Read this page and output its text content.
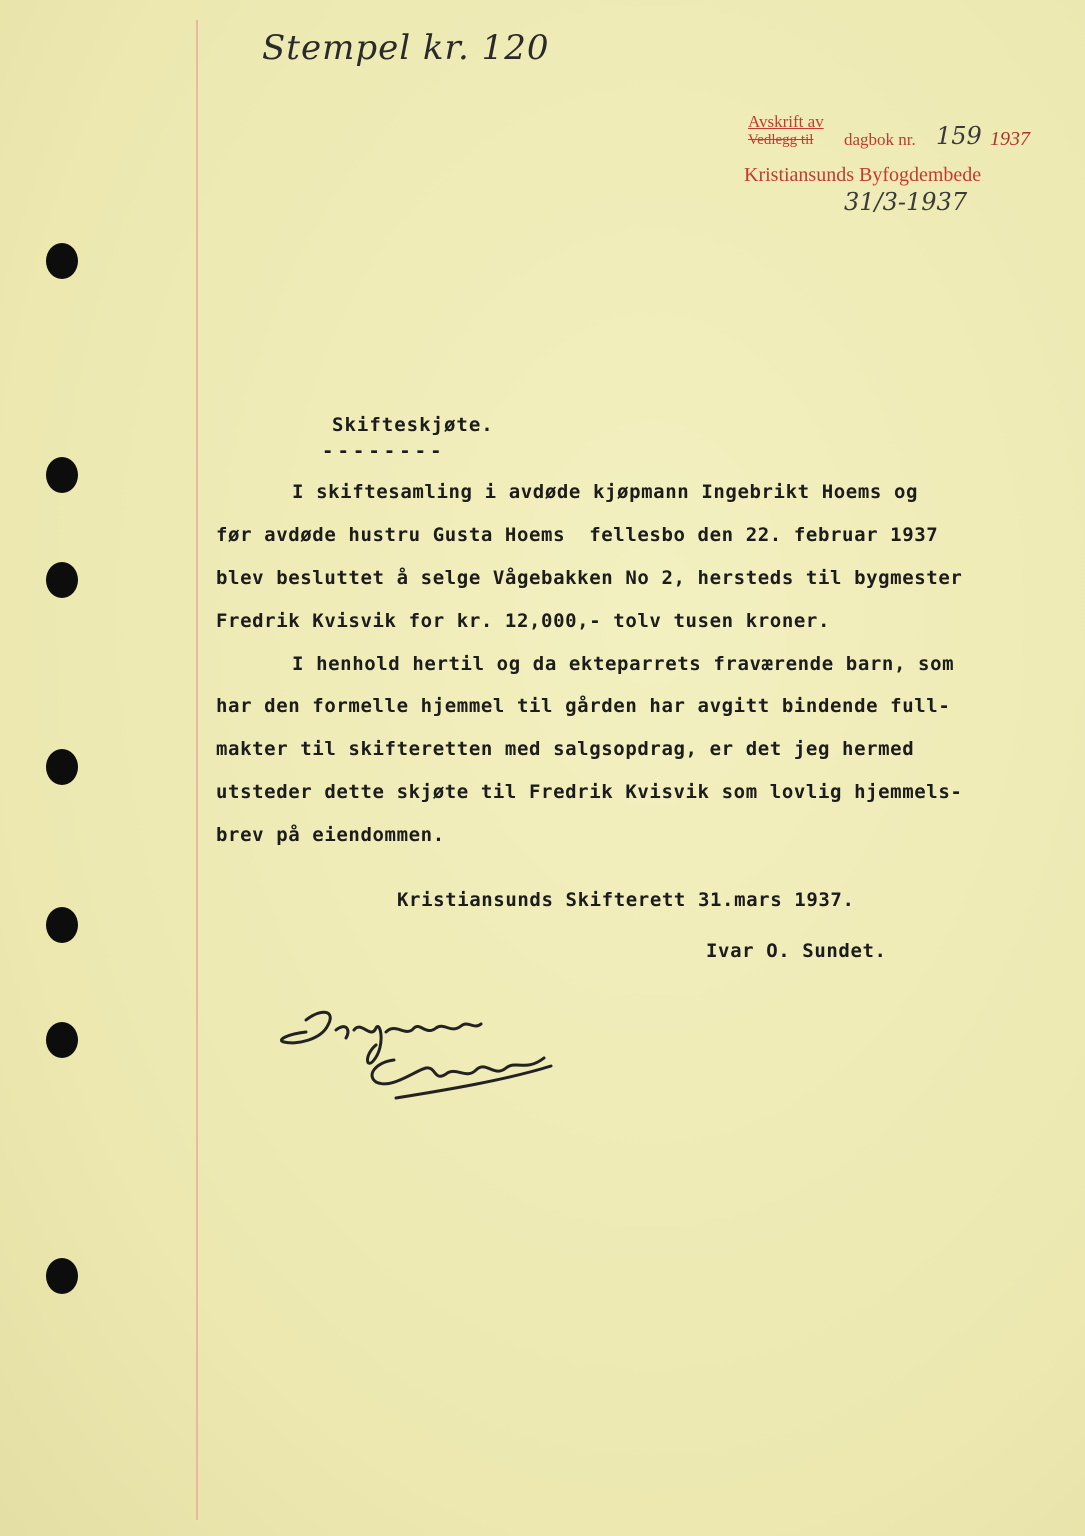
Stempel kr. 120
Avskrift av
Vedlegg til dagbok nr. 159 1937
Kristiansunds Byfogdembede
31/3-1937
Skifteskjøte.
--------
I skiftesamling i avdøde kjøpmann Ingebrikt Hoems og
før avdøde hustru Gusta Hoems  fellesbo den 22. februar 1937
blev besluttet å selge Vågebakken No 2, hersteds til bygmester
Fredrik Kvisvik for kr. 12,000,- tolv tusen kroner.
I henhold hertil og da ekteparrets fraværende barn, som
har den formelle hjemmel til gården har avgitt bindende full-
makter til skifteretten med salgsopdrag, er det jeg hermed
utsteder dette skjøte til Fredrik Kvisvik som lovlig hjemmels-
brev på eiendommen.
Kristiansunds Skifterett 31.mars 1937.
Ivar O. Sundet.
